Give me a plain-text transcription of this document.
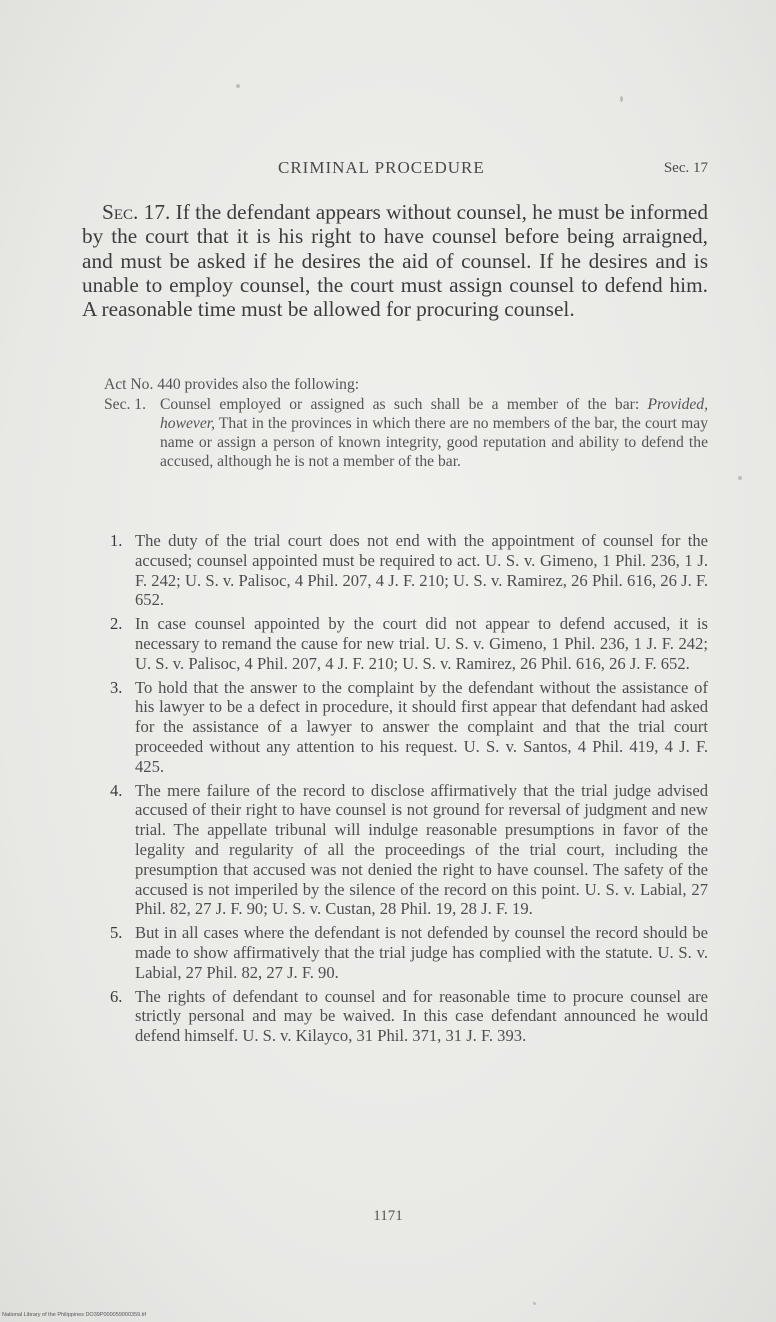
CRIMINAL PROCEDURE	Sec. 17

Sec. 17. If the defendant appears without counsel, he must be informed by the court that it is his right to have counsel before being arraigned, and must be asked if he desires the aid of counsel. If he desires and is unable to employ counsel, the court must assign counsel to defend him. A reasonable time must be allowed for procuring counsel.

Act No. 440 provides also the following:

Sec. 1. Counsel employed or assigned as such shall be a member of the bar: Provided, however, That in the provinces in which there are no members of the bar, the court may name or assign a person of known integrity, good reputation and ability to defend the accused, although he is not a member of the bar.

1. The duty of the trial court does not end with the appointment of counsel for the accused; counsel appointed must be required to act. U. S. v. Gimeno, 1 Phil. 236, 1 J. F. 242; U. S. v. Palisoc, 4 Phil. 207, 4 J. F. 210; U. S. v. Ramirez, 26 Phil. 616, 26 J. F. 652.
2. In case counsel appointed by the court did not appear to defend accused, it is necessary to remand the cause for new trial. U. S. v. Gimeno, 1 Phil. 236, 1 J. F. 242; U. S. v. Palisoc, 4 Phil. 207, 4 J. F. 210; U. S. v. Ramirez, 26 Phil. 616, 26 J. F. 652.
3. To hold that the answer to the complaint by the defendant without the assistance of his lawyer to be a defect in procedure, it should first appear that defendant had asked for the assistance of a lawyer to answer the complaint and that the trial court proceeded without any attention to his request. U. S. v. Santos, 4 Phil. 419, 4 J. F. 425.
4. The mere failure of the record to disclose affirmatively that the trial judge advised accused of their right to have counsel is not ground for reversal of judgment and new trial. The appellate tribunal will indulge reasonable presumptions in favor of the legality and regularity of all the proceedings of the trial court, including the presumption that accused was not denied the right to have counsel. The safety of the accused is not imperiled by the silence of the record on this point. U. S. v. Labial, 27 Phil. 82, 27 J. F. 90; U. S. v. Custan, 28 Phil. 19, 28 J. F. 19.
5. But in all cases where the defendant is not defended by counsel the record should be made to show affirmatively that the trial judge has complied with the statute. U. S. v. Labial, 27 Phil. 82, 27 J. F. 90.
6. The rights of defendant to counsel and for reasonable time to procure counsel are strictly personal and may be waived. In this case defendant announced he would defend himself. U. S. v. Kilayco, 31 Phil. 371, 31 J. F. 393.
1171
National Library of the Philippines DO39P000059000359.tif
